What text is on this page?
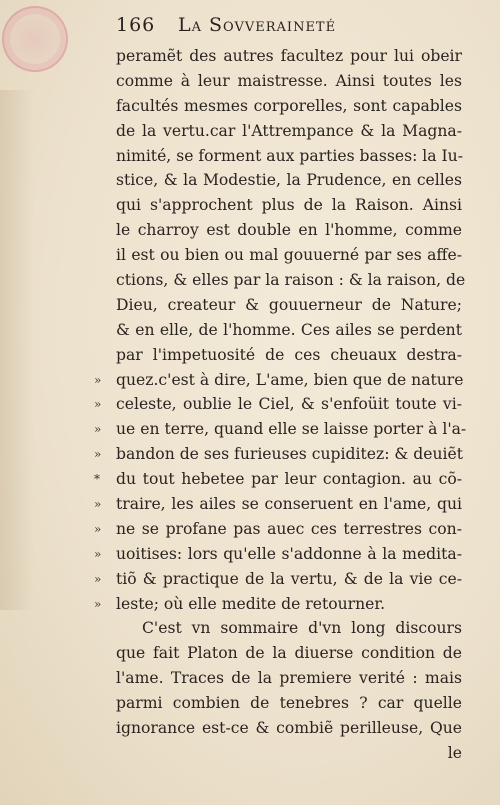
166 La Sovveraineté
peramẽt des autres facultez pour lui obeir
comme à leur maistresse. Ainsi toutes les
facultés mesmes corporelles, sont capables
de la vertu.car l'Attrempance & la Magna-
nimité, se forment aux parties basses: la Iu-
stice, & la Modestie, la Prudence, en celles
qui s'approchent plus de la Raison. Ainsi
le charroy est double en l'homme, comme
il est ou bien ou mal gouuerné par ses affe-
ctions, & elles par la raison : & la raison, de
Dieu, createur & gouuerneur de Nature;
& en elle, de l'homme. Ces ailes se perdent
par l'impetuosité de ces cheuaux destra-
» quez.c'est à dire, L'ame, bien que de nature
» celeste, oublie le Ciel, & s'enfoüit toute vi-
» ue en terre, quand elle se laisse porter à l'a-
» bandon de ses furieuses cupiditez: & deuiẽt
*	du tout hebetee par leur contagion. au cõ-
» traire, les ailes se conseruent en l'ame, qui
» ne se profane pas auec ces terrestres con-
» uoitises: lors qu'elle s'addonne à la medita-
» tiõ & practique de la vertu, & de la vie ce-
» leste; où elle medite de retourner.
C'est vn sommaire d'vn long discours
que fait Platon de la diuerse condition de
l'ame. Traces de la premiere verité : mais
parmi combien de tenebres ? car quelle
ignorance est-ce & combiẽ perilleuse, Que
le
